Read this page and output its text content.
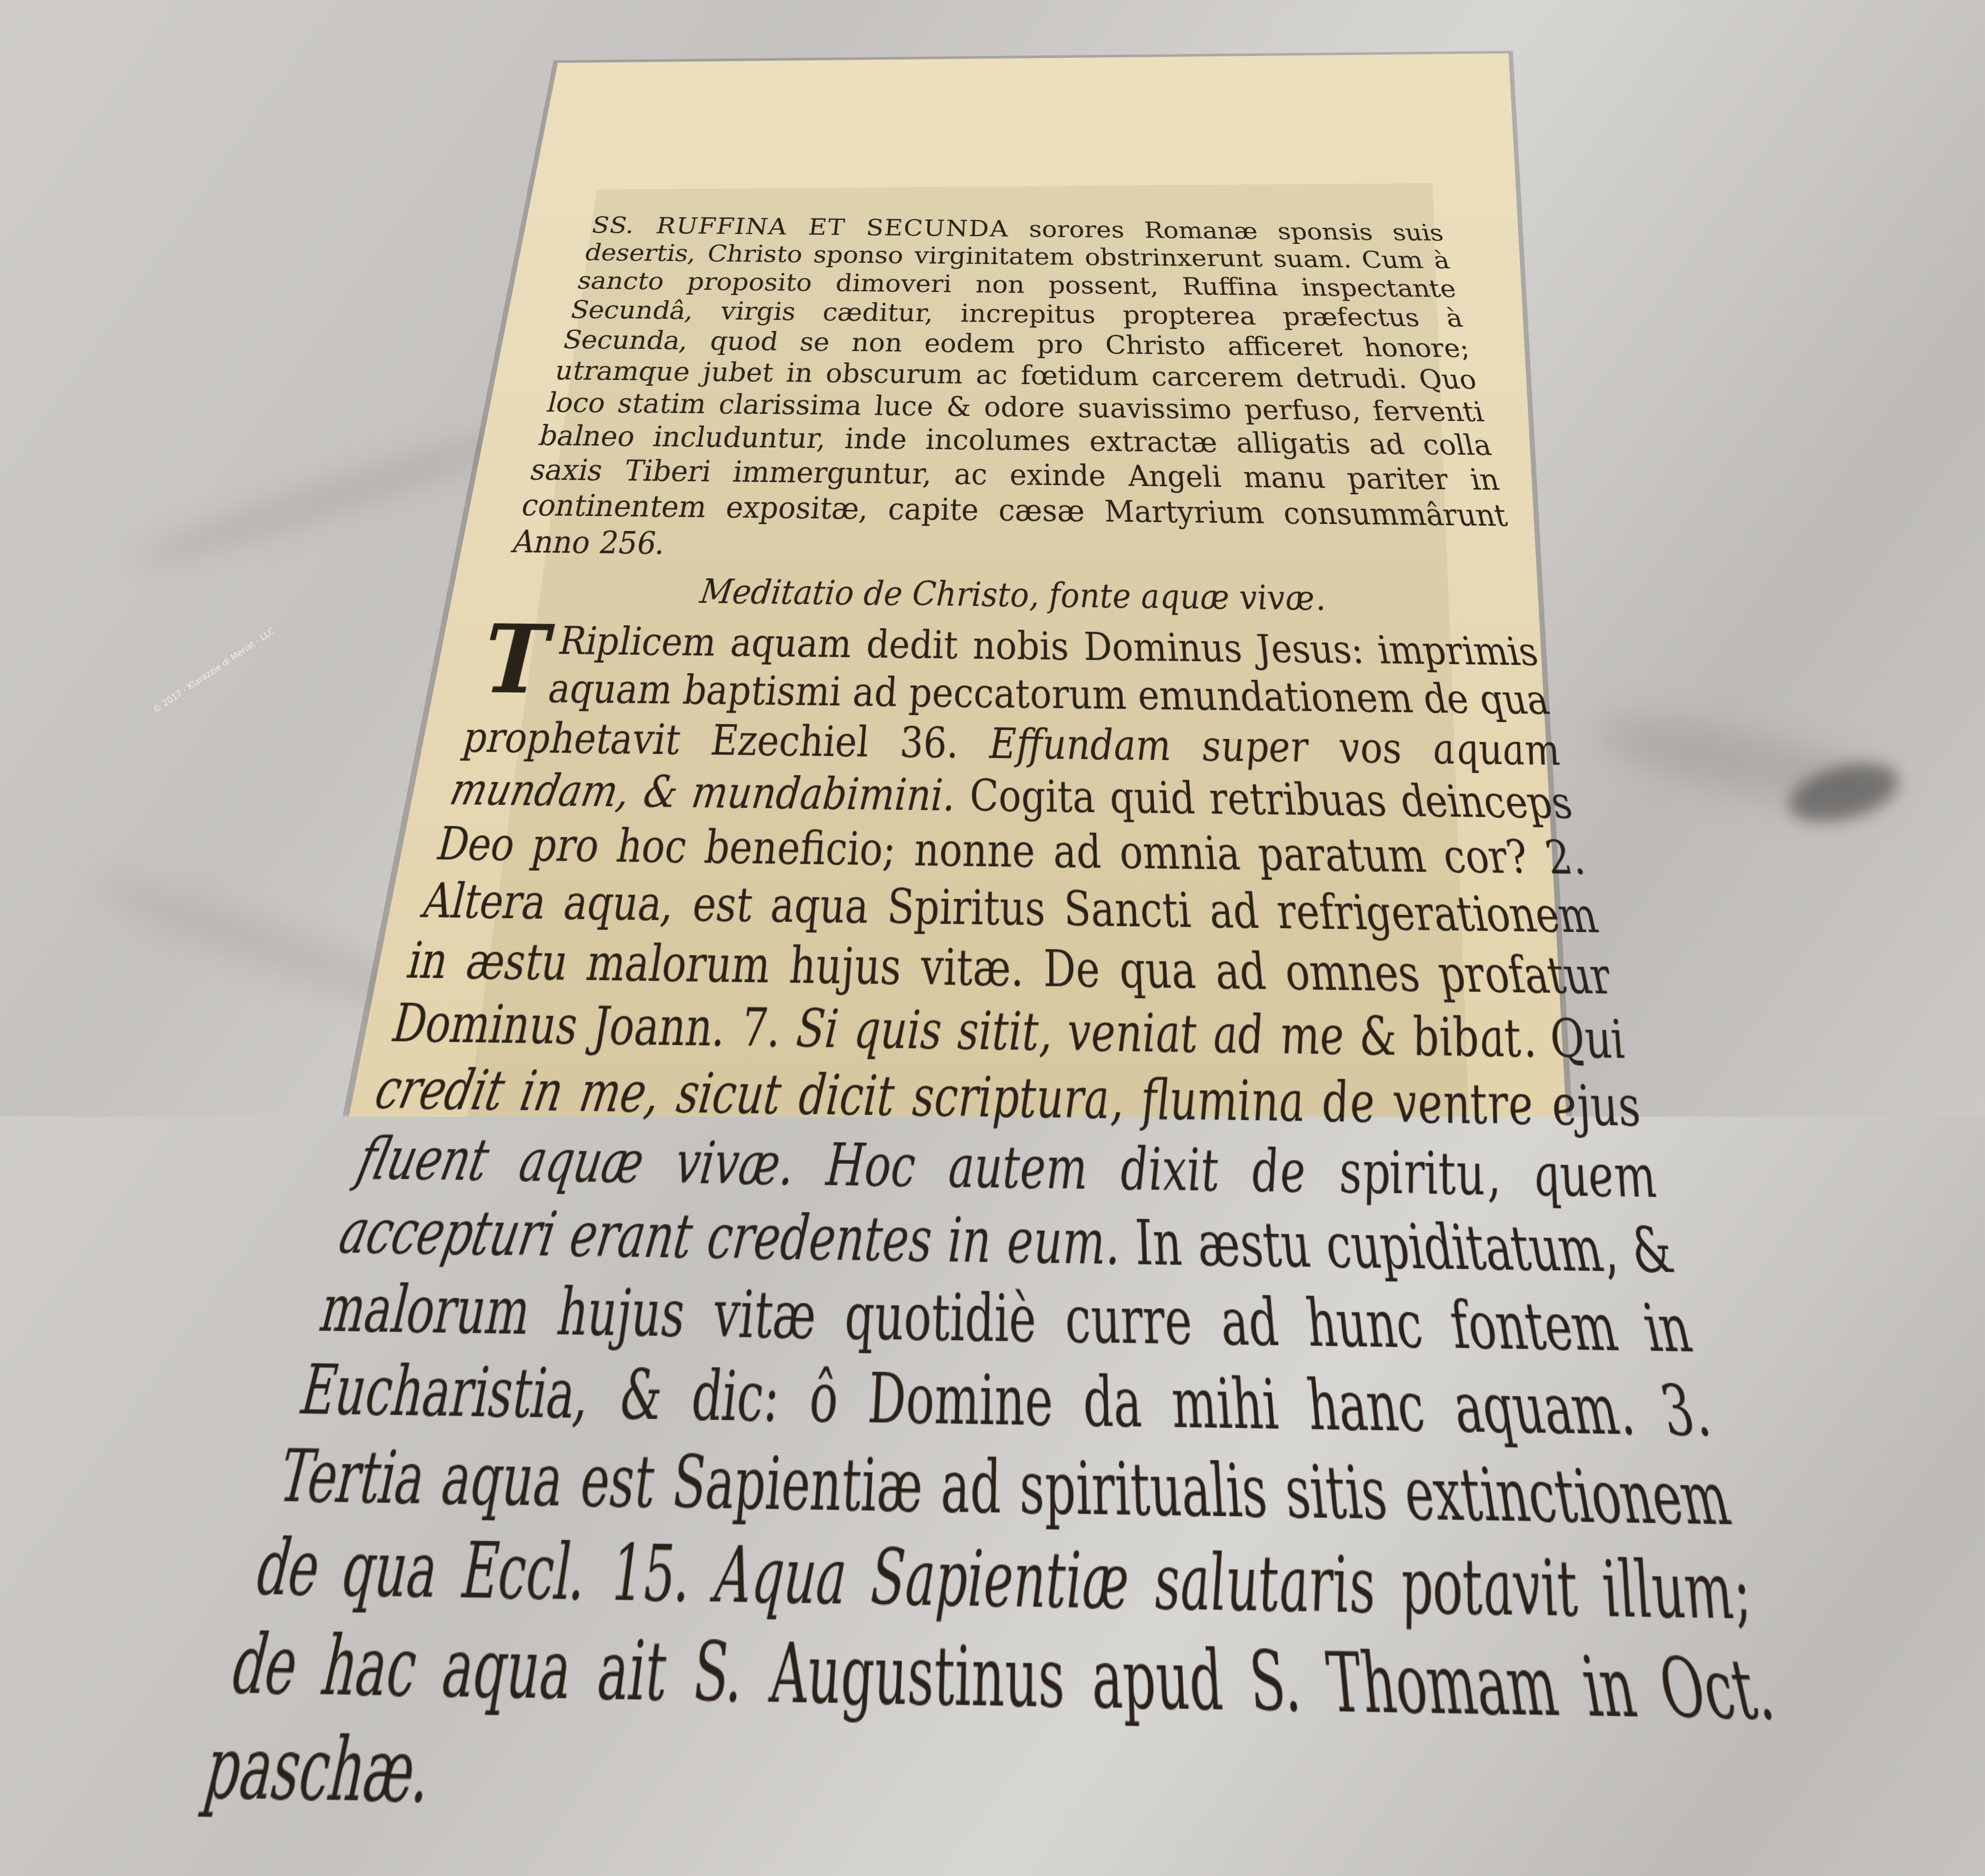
SS. RUFFINA ET SECUNDA sorores Romanæ sponsis suis desertis, Christo sponso virginitatem obstrinxerunt suam. Cum à sancto proposito dimoveri non possent, Ruffina inspectante Secundâ, virgis cæditur, increpitus propterea præfectus à Secunda, quod se non eodem pro Christo afficeret honore; utramque jubet in obscurum ac fœtidum carcerem detrudi. Quo loco statim clarissima luce & odore suavissimo perfuso, ferventi balneo includuntur, inde incolumes extractæ alligatis ad colla saxis Tiberi immerguntur, ac exinde Angeli manu pariter in continentem expositæ, capite cæsæ Martyrium consummârunt Anno 256.

Meditatio de Christo, fonte aquæ vivæ.

T
Riplicem aquam dedit nobis Dominus Jesus: imprimis aquam baptismi ad peccatorum emundationem de qua prophetavit Ezechiel 36. Effundam super vos aquam mundam, & mundabimini. Cogita quid retribuas deinceps Deo pro hoc beneficio; nonne ad omnia paratum cor? 2. Altera aqua, est aqua Spiritus Sancti ad refrigerationem in æstu malorum hujus vitæ. De qua ad omnes profatur Dominus Joann. 7. Si quis sitit, veniat ad me & bibat. Qui credit in me, sicut dicit scriptura, flumina de ventre ejus fluent aquæ vivæ. Hoc autem dixit de spiritu, quem accepturi erant credentes in eum. In æstu cupiditatum, & malorum hujus vitæ quotidiè curre ad hunc fontem in Eucharistia, & dic: ô Domine da mihi hanc aquam. 3. Tertia aqua est Sapientiæ ad spiritualis sitis extinctionem de qua Eccl. 15. Aqua Sapientiæ salutaris potavit illum; de hac aqua ait S. Augustinus apud S. Thomam in Oct. paschæ.

© 2017 · Klarazzie di Meriat · LLC
